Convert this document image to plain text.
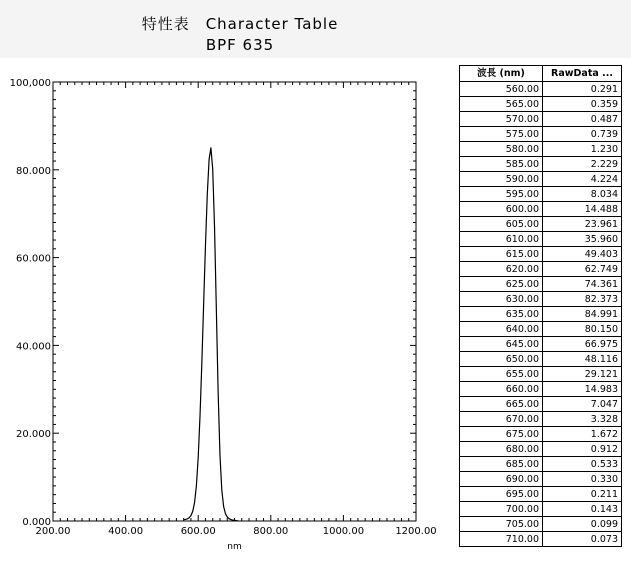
特性表　Character Table
BPF 635
200.00	400.00	600.00	800.00	1000.00	1200.00
0.000
20.000
40.000
60.000
80.000
100,000
nm
波長 (nm)	RawData ...
560.00	0.291
565.00	0.359
570.00	0.487
575.00	0.739
580.00	1.230
585.00	2.229
590.00	4.224
595.00	8.034
600.00	14.488
605.00	23.961
610.00	35.960
615.00	49.403
620.00	62.749
625.00	74.361
630.00	82.373
635.00	84.991
640.00	80.150
645.00	66.975
650.00	48.116
655.00	29.121
660.00	14.983
665.00	7.047
670.00	3.328
675.00	1.672
680.00	0.912
685.00	0.533
690.00	0.330
695.00	0.211
700.00	0.143
705.00	0.099
710.00	0.073
